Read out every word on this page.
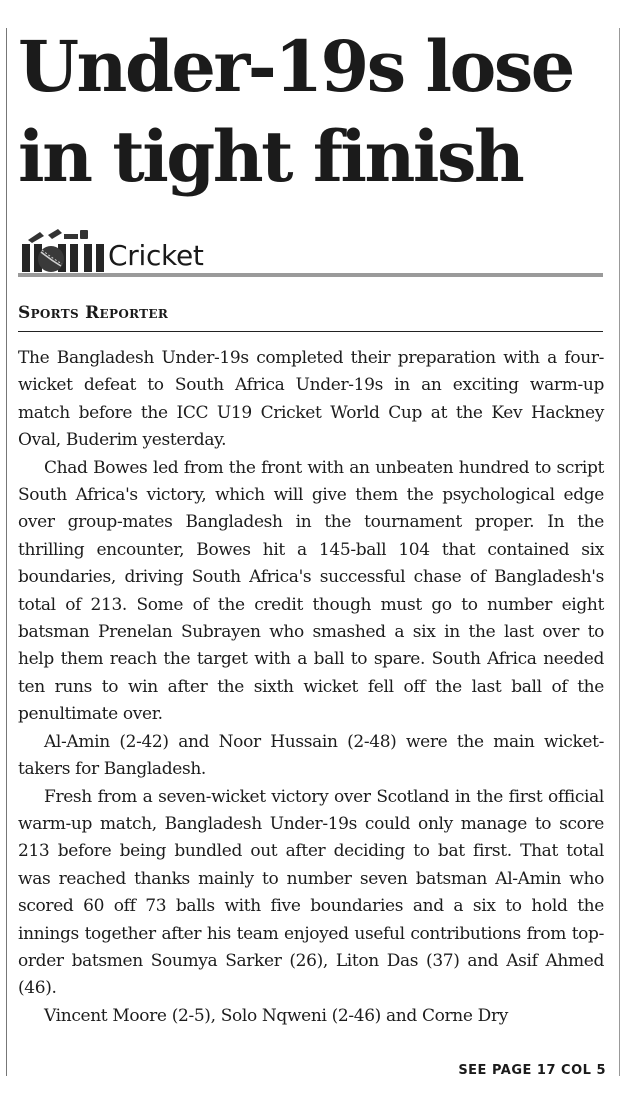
Under-19s lose in tight finish
Cricket
Sports Reporter

The Bangladesh Under-19s completed their preparation with a four-wicket defeat to South Africa Under-19s in an exciting warm-up match before the ICC U19 Cricket World Cup at the Kev Hackney Oval, Buderim yesterday.

Chad Bowes led from the front with an unbeaten hundred to script South Africa's victory, which will give them the psychological edge over group-mates Bangladesh in the tournament proper. In the thrilling encounter, Bowes hit a 145-ball 104 that contained six boundaries, driving South Africa's successful chase of Bangladesh's total of 213. Some of the credit though must go to number eight batsman Prenelan Subrayen who smashed a six in the last over to help them reach the target with a ball to spare. South Africa needed ten runs to win after the sixth wicket fell off the last ball of the penultimate over.

Al-Amin (2-42) and Noor Hussain (2-48) were the main wicket-takers for Bangladesh.

Fresh from a seven-wicket victory over Scotland in the first official warm-up match, Bangladesh Under-19s could only manage to score 213 before being bundled out after deciding to bat first. That total was reached thanks mainly to number seven batsman Al-Amin who scored 60 off 73 balls with five boundaries and a six to hold the innings together after his team enjoyed useful contributions from top-order batsmen Soumya Sarker (26), Liton Das (37) and Asif Ahmed (46).

Vincent Moore (2-5), Solo Nqweni (2-46) and Corne Dry

SEE PAGE 17 COL 5
